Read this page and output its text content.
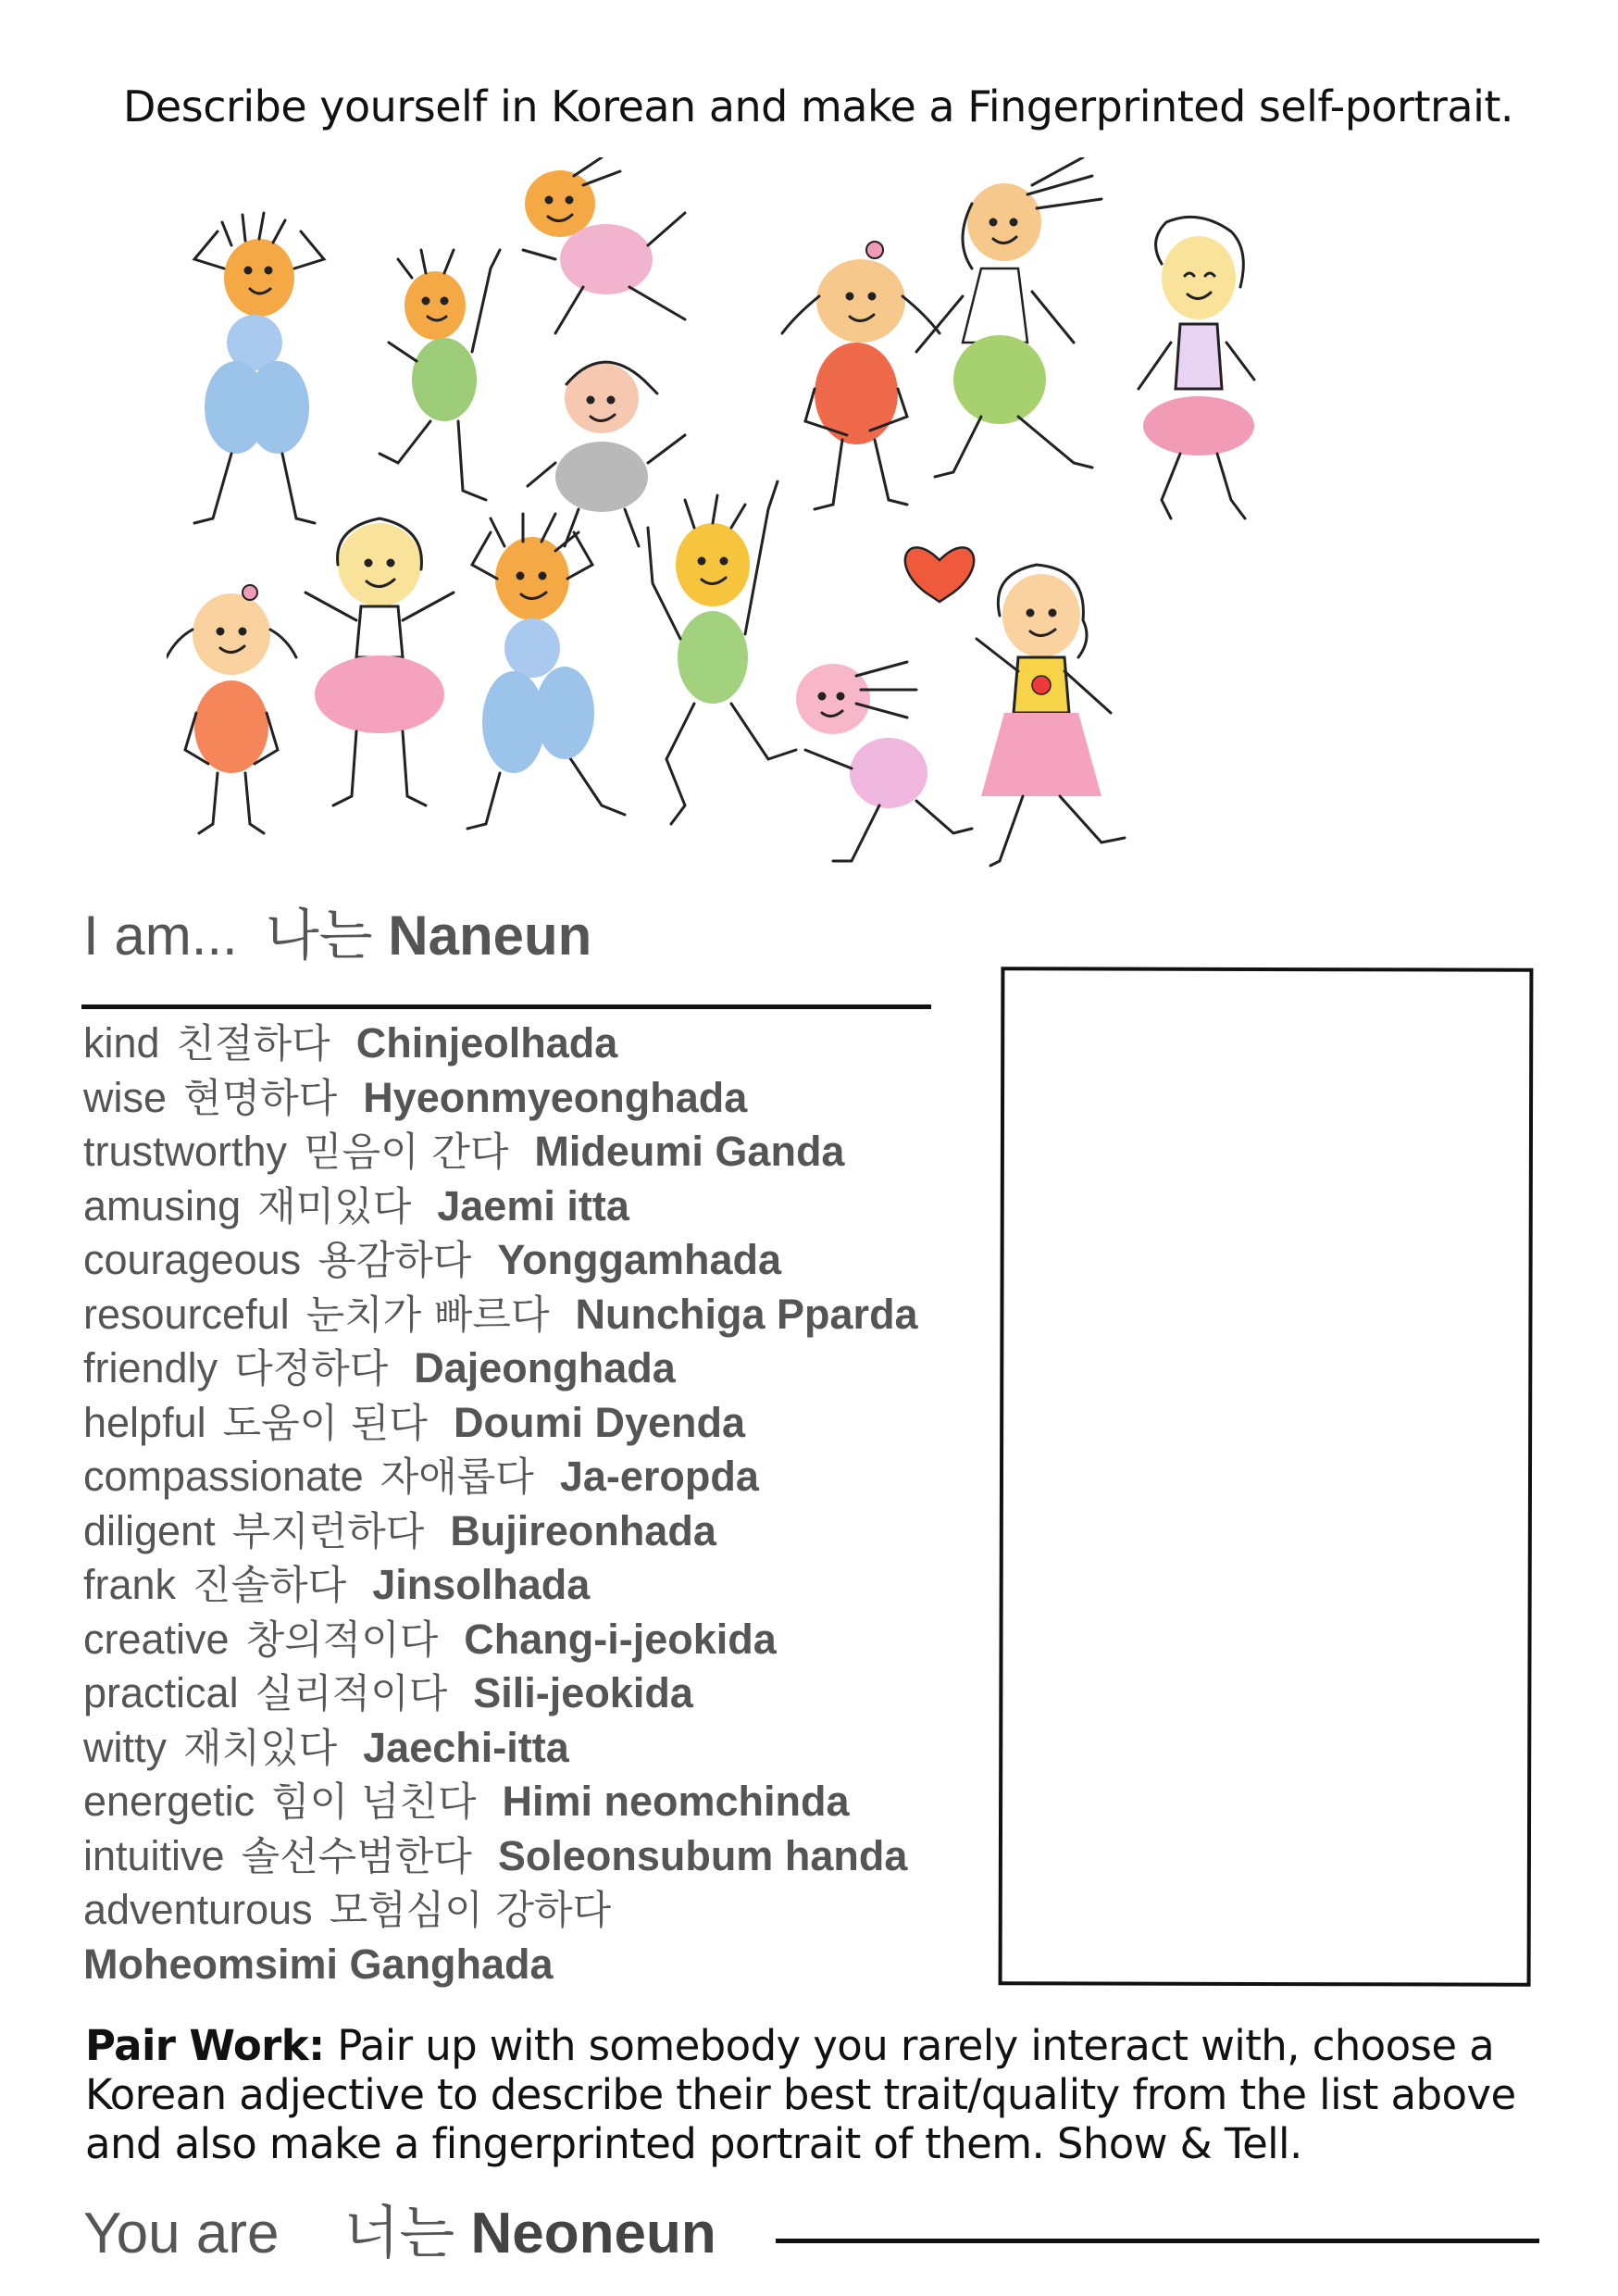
Describe yourself in Korean and make a Fingerprinted self-portrait.
I am... 나는 Naneun
kind 친절하다 Chinjeolhada
wise 현명하다 Hyeonmyeonghada
trustworthy 믿음이 간다 Mideumi Ganda
amusing 재미있다 Jaemi itta
courageous 용감하다 Yonggamhada
resourceful 눈치가 빠르다 Nunchiga Pparda
friendly 다정하다 Dajeonghada
helpful 도움이 된다 Doumi Dyenda
compassionate 자애롭다 Ja-eropda
diligent 부지런하다 Bujireonhada
frank 진솔하다 Jinsolhada
creative 창의적이다 Chang-i-jeokida
practical 실리적이다 Sili-jeokida
witty 재치있다 Jaechi-itta
energetic 힘이 넘친다 Himi neomchinda
intuitive 솔선수범한다 Soleonsubum handa
adventurous 모험심이 강하다
Moheomsimi Ganghada
Pair Work: Pair up with somebody you rarely interact with, choose a Korean adjective to describe their best trait/quality from the list above and also make a fingerprinted portrait of them. Show & Tell.
You are 너는 Neoneun
